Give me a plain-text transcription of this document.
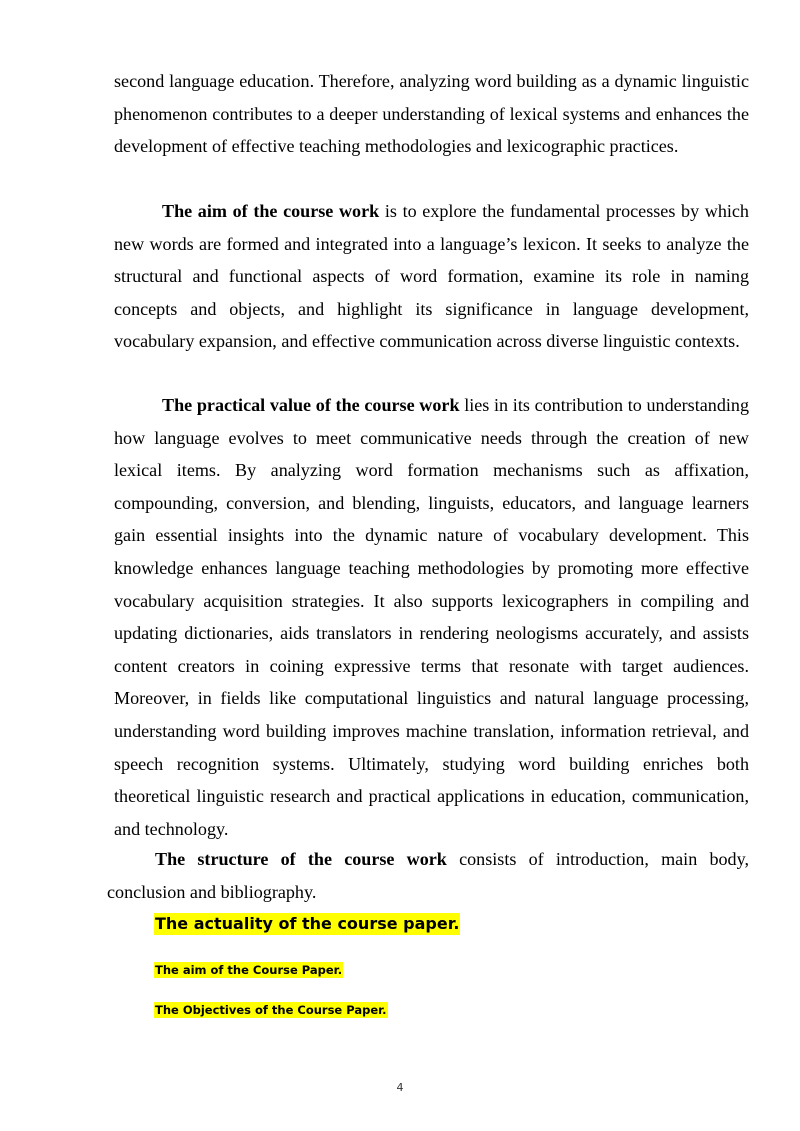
second language education. Therefore, analyzing word building as a dynamic linguistic phenomenon contributes to a deeper understanding of lexical systems and enhances the development of effective teaching methodologies and lexicographic practices.

The aim of the course work is to explore the fundamental processes by which new words are formed and integrated into a language’s lexicon. It seeks to analyze the structural and functional aspects of word formation, examine its role in naming concepts and objects, and highlight its significance in language development, vocabulary expansion, and effective communication across diverse linguistic contexts.

The practical value of the course work lies in its contribution to understanding how language evolves to meet communicative needs through the creation of new lexical items. By analyzing word formation mechanisms such as affixation, compounding, conversion, and blending, linguists, educators, and language learners gain essential insights into the dynamic nature of vocabulary development. This knowledge enhances language teaching methodologies by promoting more effective vocabulary acquisition strategies. It also supports lexicographers in compiling and updating dictionaries, aids translators in rendering neologisms accurately, and assists content creators in coining expressive terms that resonate with target audiences. Moreover, in fields like computational linguistics and natural language processing, understanding word building improves machine translation, information retrieval, and speech recognition systems. Ultimately, studying word building enriches both theoretical linguistic research and practical applications in education, communication, and technology.

The structure of the course work consists of introduction, main body, conclusion and bibliography.

The actuality of the course paper.
The aim of the Course Paper.
The Objectives of the Course Paper.
4
